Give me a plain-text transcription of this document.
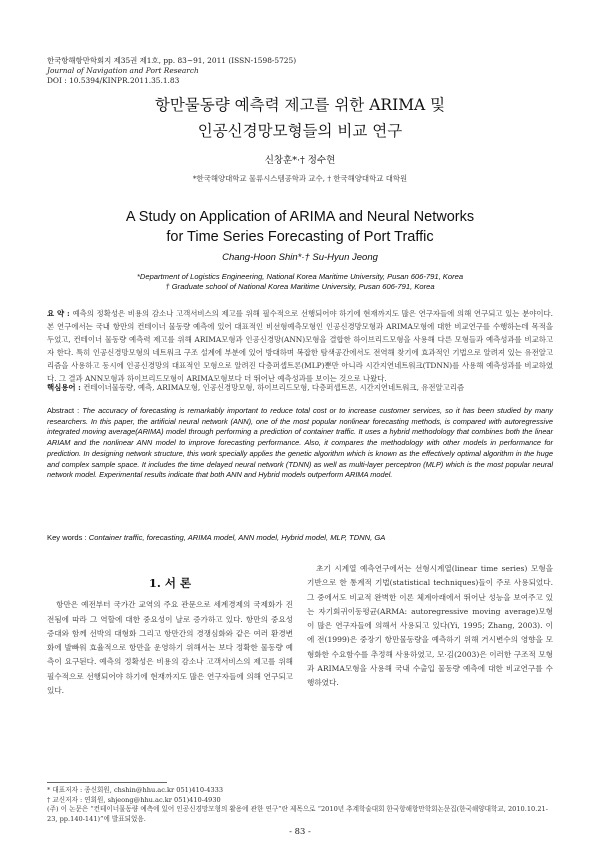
한국항해항만학회지 제35권 제1호, pp. 83~91, 2011 (ISSN-1598-5725)
Journal of Navigation and Port Research
DOI : 10.5394/KINPR.2011.35.1.83
항만물동량 예측력 제고를 위한 ARIMA 및
인공신경망모형들의 비교 연구
신창훈*·† 정수현
*한국해양대학교 물류시스템공학과 교수, † 한국해양대학교 대학원
A Study on Application of ARIMA and Neural Networks
for Time Series Forecasting of Port Traffic
Chang-Hoon Shin*·† Su-Hyun Jeong
*Department of Logistics Engineering, National Korea Maritime University, Pusan 606-791, Korea
† Graduate school of National Korea Maritime University, Pusan 606-791, Korea
요 약 : 예측의 정확성은 비용의 감소나 고객서비스의 제고를 위해 필수적으로 선행되어야 하기에 현재까지도 많은 연구자들에 의해 연구되고 있는 분야이다. 본 연구에서는 국내 항만의 컨테이너 물동량 예측에 있어 대표적인 비선형예측모형인 인공신경망모형과 ARIMA모형에 대한 비교연구를 수행하는데 목적을 두었고, 컨테이너 물동량 예측력 제고를 위해 ARIMA모형과 인공신경망(ANN)모형을 결합한 하이브리드모형을 사용해 다른 모형들과 예측성과를 비교하고자 한다. 특히 인공신경망모형의 네트워크 구조 설계에 부분에 있어 방대하며 복잡한 탐색공간에서도 전역해 찾기에 효과적인 기법으로 알려져 있는 유전알고리즘을 사용하고 동시에 인공신경망의 대표적인 모형으로 알려진 다층퍼셉트론(MLP)뿐만 아니라 시간지연네트워크(TDNN)를 사용해 예측성과를 비교하였다. 그 결과 ANN모형과 하이브리드모형이 ARIMA모형보다 더 뛰어난 예측성과를 보이는 것으로 나왔다.
핵심용어 : 컨테이너물동량, 예측, ARIMA모형, 인공신경망모형, 하이브리드모형, 다층퍼셉트론, 시간지연네트워크, 유전알고리즘
Abstract : The accuracy of forecasting is remarkably important to reduce total cost or to increase customer services, so it has been studied by many researchers. In this paper, the artificial neural network (ANN), one of the most popular nonlinear forecasting methods, is compared with autoregressive integrated moving average(ARIMA) model through performing a prediction of container traffic. It uses a hybrid methodology that combines both the linear ARIAM and the nonlinear ANN model to improve forecasting performance. Also, it compares the methodology with other models in performance for prediction. In designing network structure, this work specially applies the genetic algorithm which is known as the effectively optimal algorithm in the huge and complex sample space. It includes the time delayed neural network (TDNN) as well as multi-layer perceptron (MLP) which is the most popular neural network model. Experimental results indicate that both ANN and Hybrid models outperform ARIMA model.
Key words : Container traffic, forecasting, ARIMA model, ANN model, Hybrid model, MLP, TDNN, GA
1. 서 론

항만은 예전부터 국가간 교역의 주요 관문으로 세계경제의 국제화가 진전됨에 따라 그 역할에 대한 중요성이 날로 증가하고 있다. 항만의 중요성 증대와 함께 선박의 대형화 그리고 항만간의 경쟁심화와 같은 여러 환경변화에 발빠워 효율적으로 항만을 운영하기 위해서는 보다 정확한 물동량 예측이 요구된다. 예측의 정확성은 비용의 감소나 고객서비스의 제고를 위해 필수적으로 선행되어야 하기에 현재까지도 많은 연구자들에 의해 연구되고 있다.

초기 시계열 예측연구에서는 선형시계열(linear time series) 모형을 기반으로 한 통계적 기법(statistical techniques)들이 주로 사용되었다. 그 중에서도 비교적 완벽한 이론 체계아래에서 뛰어난 성능을 보여주고 있는 자기회귀이동평균(ARMA: autoregressive moving average)모형이 많은 연구자들에 의해서 사용되고 있다(Yi, 1995; Zhang, 2003). 이에 전(1999)은 중장기 항만물동량을 예측하기 위해 거시변수의 영향을 모형화한 수요함수를 추정해 사용하였고, 모·김(2003)은 이러한 구조적 모형과 ARIMA모형을 사용해 국내 수출입 물동량 예측에 대한 비교연구를 수행하였다.

* 대표저자 : 종신회원, chshin@hhu.ac.kr 051)410-4333
† 교신저자 : 연회원, shjeong@hhu.ac.kr 051)410-4930
(주) 이 논문은 “컨테이너물동량 예측에 있어 인공신경망모형의 활용에 관한 연구”란 제목으로 “2010년 추계학술대회 한국항해항만학회논문집(한국해양대학교, 2010.10.21-23, pp.140-141)”에 발표되었음.
- 83 -
